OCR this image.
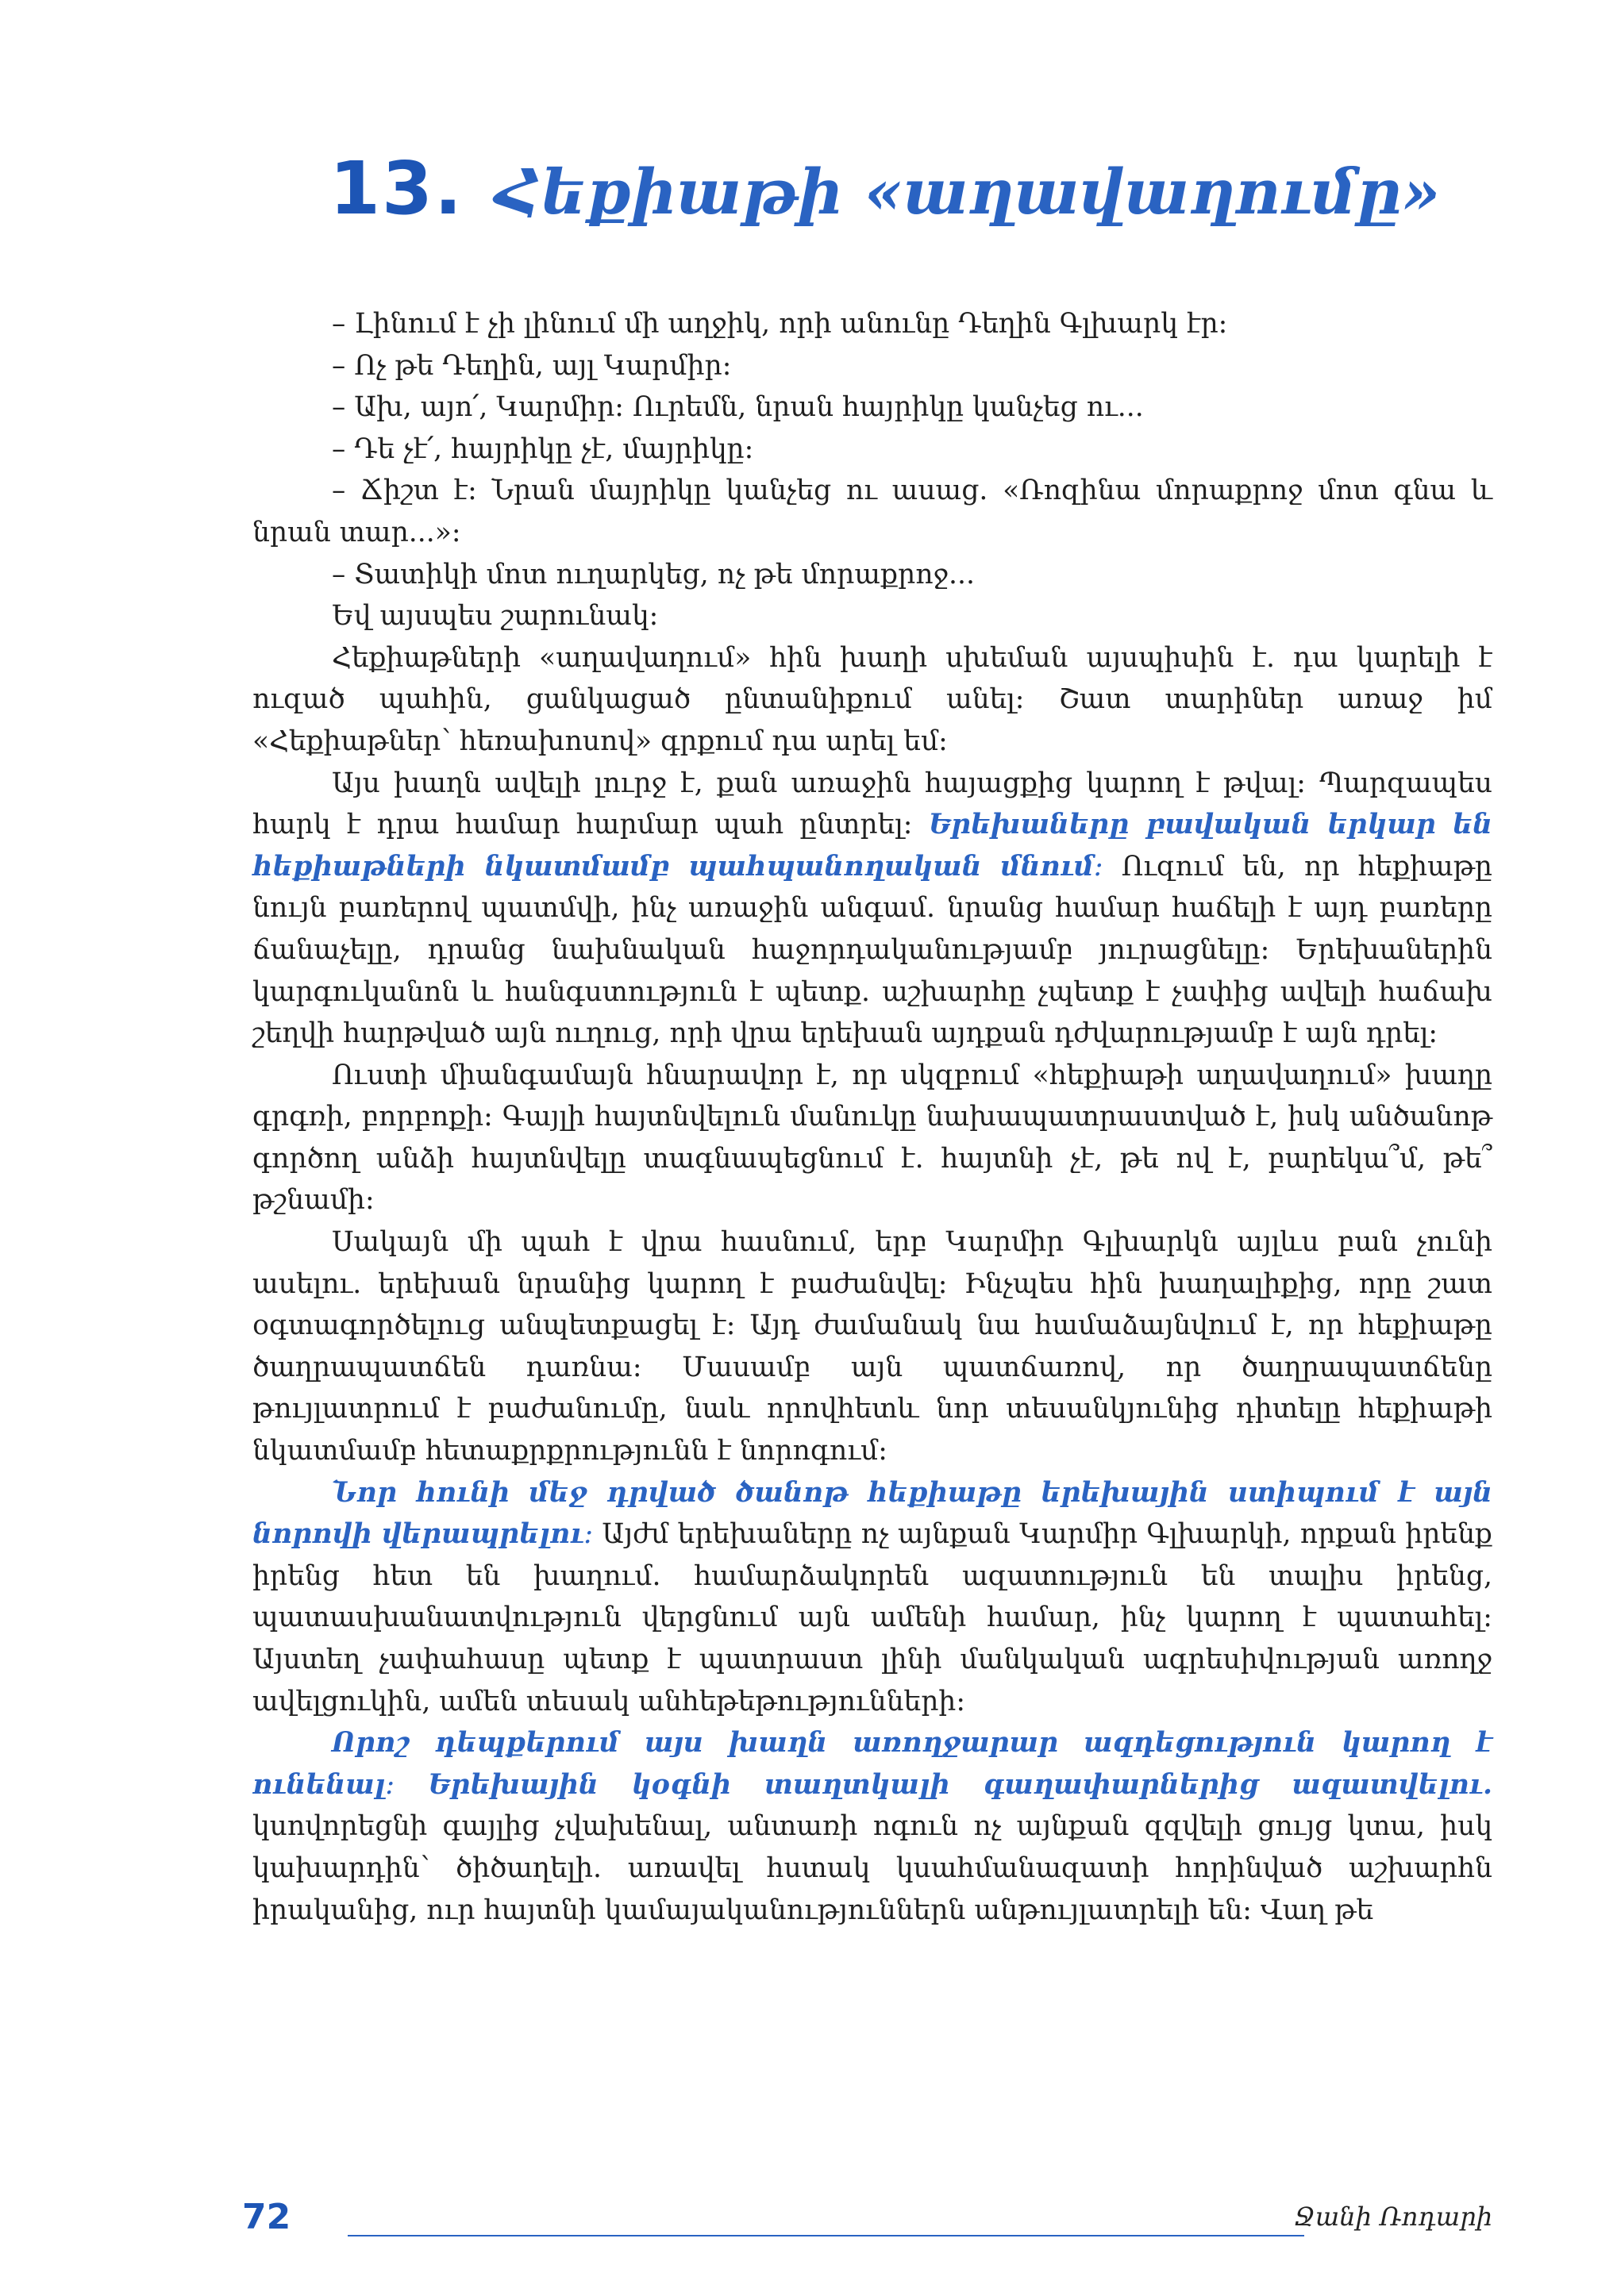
13. Հեքիաթի «աղավաղումը»

– Լինում է չի լինում մի աղջիկ, որի անունը Դեղին Գլխարկ էր։

– Ոչ թե Դեղին, այլ Կարմիր։

– Ախ, այո՛, Կարմիր։ Ուրեմն, նրան հայրիկը կանչեց ու...

– Դե չէ՛, հայրիկը չէ, մայրիկը։

– Ճիշտ է։ Նրան մայրիկը կանչեց ու ասաց. «Ռոզինա մորաքրոջ մոտ գնա և նրան տար...»։

– Տատիկի մոտ ուղարկեց, ոչ թե մորաքրոջ...

Եվ այսպես շարունակ։

Հեքիաթների «աղավաղում» հին խաղի սխեման այսպիսին է. դա կարելի է ուզած պահին, ցանկացած ընտանիքում անել։ Շատ տարիներ առաջ իմ «Հեքիաթներ՝ հեռախոսով» գրքում դա արել եմ։

Այս խաղն ավելի լուրջ է, քան առաջին հայացքից կարող է թվալ։ Պարզապես հարկ է դրա համար հարմար պահ ընտրել։ Երեխաները բավական երկար են հեքիաթների նկատմամբ պահպանողական մնում։ Ուզում են, որ հեքիաթը նույն բառերով պատմվի, ինչ առաջին անգամ. նրանց համար հաճելի է այդ բառերը ճանաչելը, դրանց նախնական հաջորդականությամբ յուրացնելը։ Երեխաներին կարգուկանոն և հանգստություն է պետք. աշխարհը չպետք է չափից ավելի հաճախ շեղվի հարթված այն ուղուց, որի վրա երեխան այդքան դժվարությամբ է այն դրել։

Ուստի միանգամայն հնարավոր է, որ սկզբում «հեքիաթի աղավաղում» խաղը գրգռի, բորբոքի։ Գայլի հայտնվելուն մանուկը նախապատրաստված է, իսկ անծանոթ գործող անձի հայտնվելը տագնապեցնում է. հայտնի չէ, թե ով է, բարեկա՞մ, թե՞ թշնամի։

Սակայն մի պահ է վրա հասնում, երբ Կարմիր Գլխարկն այլևս բան չունի ասելու. երեխան նրանից կարող է բաժանվել։ Ինչպես հին խաղալիքից, որը շատ օգտագործելուց անպետքացել է։ Այդ ժամանակ նա համաձայնվում է, որ հեքիաթը ծաղրապատճեն դառնա։ Մասամբ այն պատճառով, որ ծաղրապատճենը թույլատրում է բաժանումը, նաև որովհետև նոր տեսանկյունից դիտելը հեքիաթի նկատմամբ հետաքրքրությունն է նորոգում։

Նոր հունի մեջ դրված ծանոթ հեքիաթը երեխային ստիպում է այն նորովի վերապրելու։ Այժմ երեխաները ոչ այնքան Կարմիր Գլխարկի, որքան իրենք իրենց հետ են խաղում. համարձակորեն ազատություն են տալիս իրենց, պատասխանատվություն վերցնում այն ամենի համար, ինչ կարող է պատահել։ Այստեղ չափահասը պետք է պատրաստ լինի մանկական ագրեսիվության առողջ ավելցուկին, ամեն տեսակ անհեթեթությունների։

Որոշ դեպքերում այս խաղն առողջարար ազդեցություն կարող է ունենալ։ Երեխային կօգնի տաղտկալի գաղափարներից ազատվելու. կսովորեցնի գայլից չվախենալ, անտառի ոգուն ոչ այնքան զզվելի ցույց կտա, իսկ կախարդին՝ ծիծաղելի. առավել հստակ կսահմանազատի հորինված աշխարհն իրականից, ուր հայտնի կամայականություններն անթույլատրելի են։ Վաղ թե

72	Ջանի Ռոդարի
